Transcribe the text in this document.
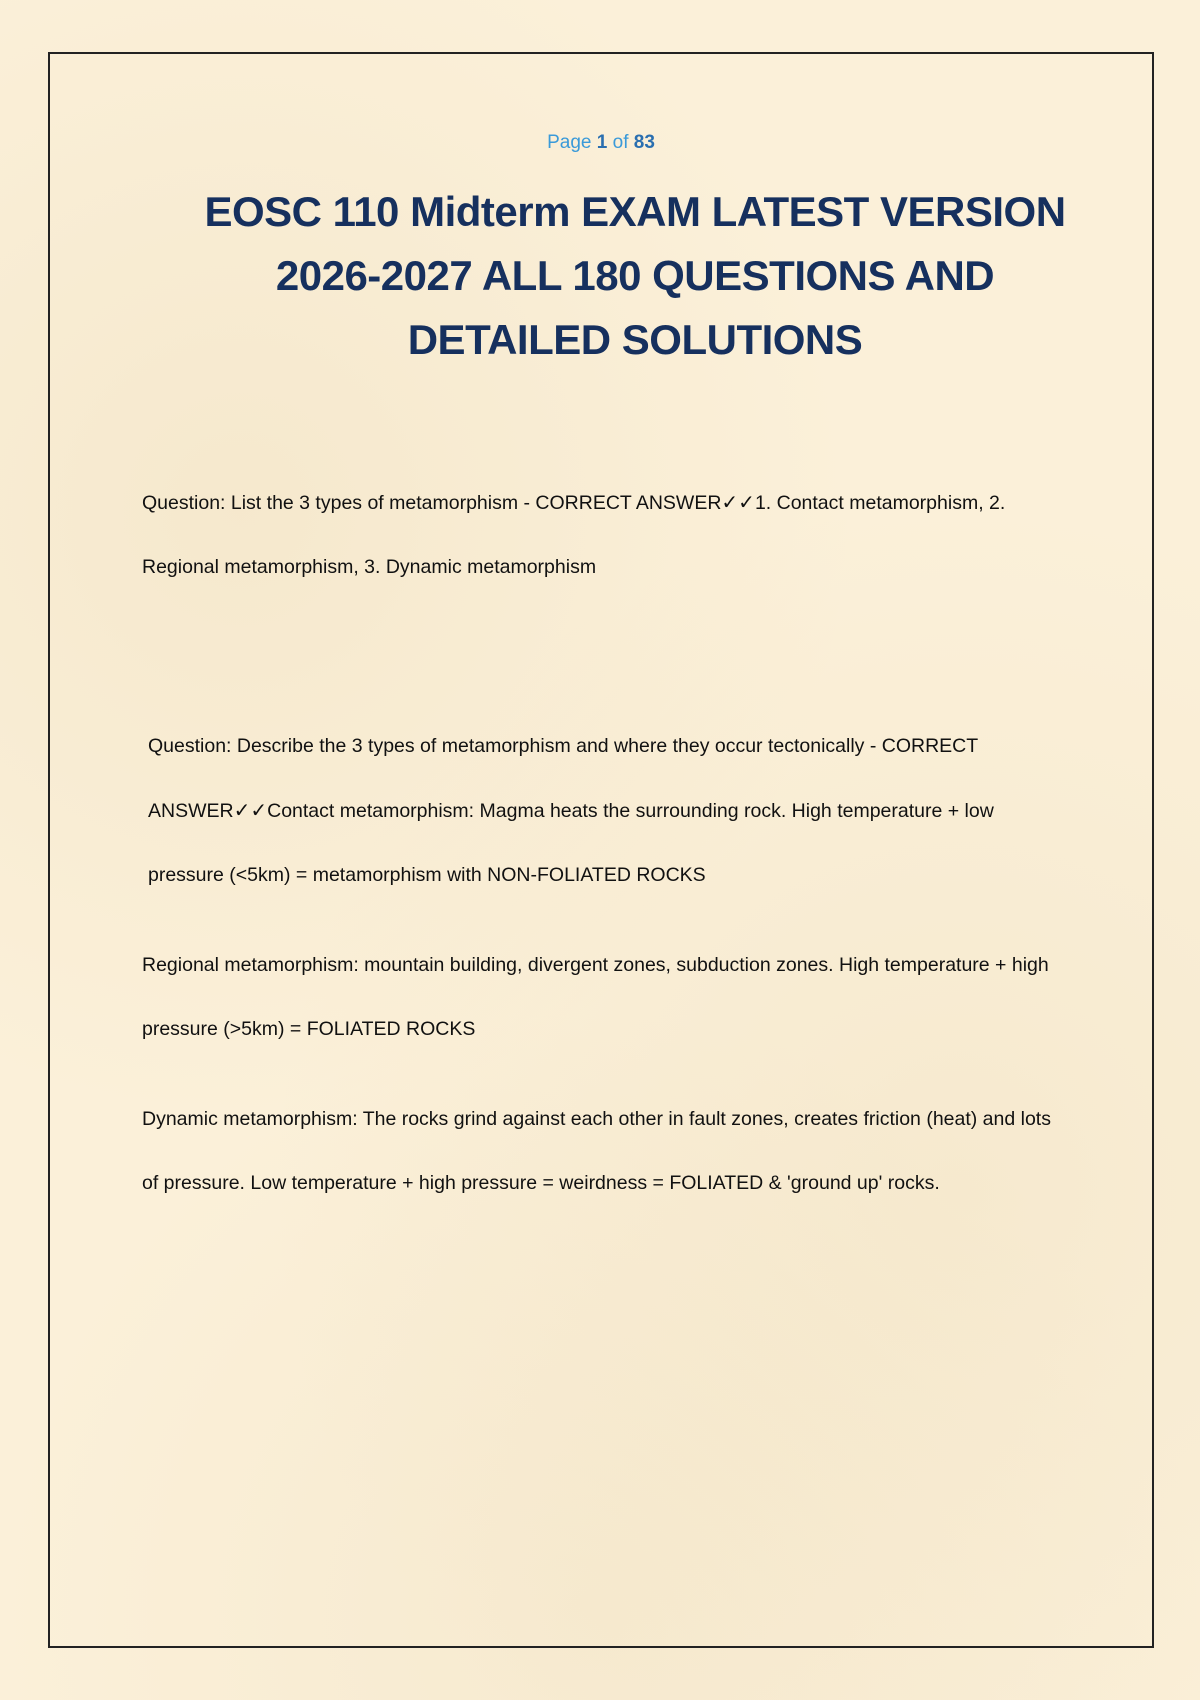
Page 1 of 83
EOSC 110 Midterm EXAM LATEST VERSION 2026-2027 ALL 180 QUESTIONS AND DETAILED SOLUTIONS

Question: List the 3 types of metamorphism - CORRECT ANSWER✓✓1. Contact metamorphism, 2. Regional metamorphism, 3. Dynamic metamorphism

Question: Describe the 3 types of metamorphism and where they occur tectonically - CORRECT ANSWER✓✓Contact metamorphism: Magma heats the surrounding rock. High temperature + low pressure (<5km) = metamorphism with NON-FOLIATED ROCKS

Regional metamorphism: mountain building, divergent zones, subduction zones. High temperature + high pressure (>5km) = FOLIATED ROCKS

Dynamic metamorphism: The rocks grind against each other in fault zones, creates friction (heat) and lots of pressure. Low temperature + high pressure = weirdness = FOLIATED & 'ground up' rocks.
